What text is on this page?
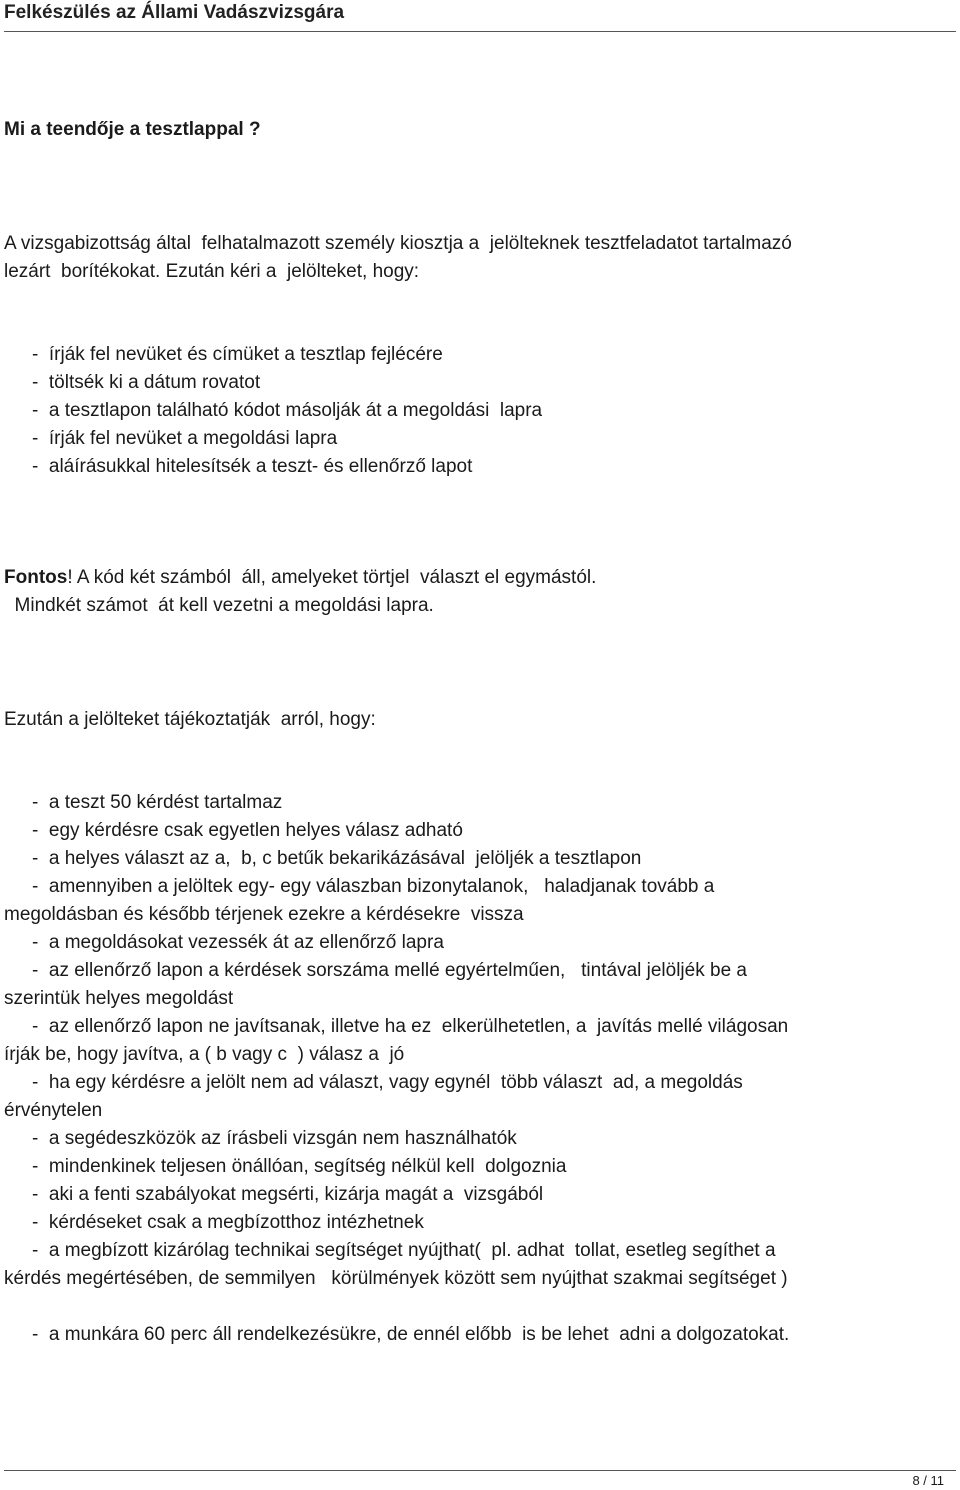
Felkészülés az Állami Vadászvizsgára
Mi a teendője a tesztlappal ?
A vizsgabizottság által  felhatalmazott személy kiosztja a  jelölteknek tesztfeladatot tartalmazó
lezárt  borítékokat. Ezután kéri a  jelölteket, hogy:
-  írják fel nevüket és címüket a tesztlap fejlécére
-  töltsék ki a dátum rovatot
-  a tesztlapon található kódot másolják át a megoldási  lapra
-  írják fel nevüket a megoldási lapra
-  aláírásukkal hitelesítsék a teszt- és ellenőrző lapot
Fontos! A kód két számból  áll, amelyeket törtjel  választ el egymástól.
Mindkét számot  át kell vezetni a megoldási lapra.
Ezután a jelölteket tájékoztatják  arról, hogy:
-  a teszt 50 kérdést tartalmaz
-  egy kérdésre csak egyetlen helyes válasz adható
-  a helyes választ az a,  b, c betűk bekarikázásával  jelöljék a tesztlapon
-  amennyiben a jelöltek egy- egy válaszban bizonytalanok,   haladjanak tovább a
megoldásban és később térjenek ezekre a kérdésekre  vissza
-  a megoldásokat vezessék át az ellenőrző lapra
-  az ellenőrző lapon a kérdések sorszáma mellé egyértelműen,   tintával jelöljék be a
szerintük helyes megoldást
-  az ellenőrző lapon ne javítsanak, illetve ha ez  elkerülhetetlen, a  javítás mellé világosan
írják be, hogy javítva, a ( b vagy c  ) válasz a  jó
-  ha egy kérdésre a jelölt nem ad választ, vagy egynél  több választ  ad, a megoldás
érvénytelen
-  a segédeszközök az írásbeli vizsgán nem használhatók
-  mindenkinek teljesen önállóan, segítség nélkül kell  dolgoznia
-  aki a fenti szabályokat megsérti, kizárja magát a  vizsgából
-  kérdéseket csak a megbízotthoz intézhetnek
-  a megbízott kizárólag technikai segítséget nyújthat(  pl. adhat  tollat, esetleg segíthet a
kérdés megértésében, de semmilyen   körülmények között sem nyújthat szakmai segítséget )
-  a munkára 60 perc áll rendelkezésükre, de ennél előbb  is be lehet  adni a dolgozatokat.
8 / 11
